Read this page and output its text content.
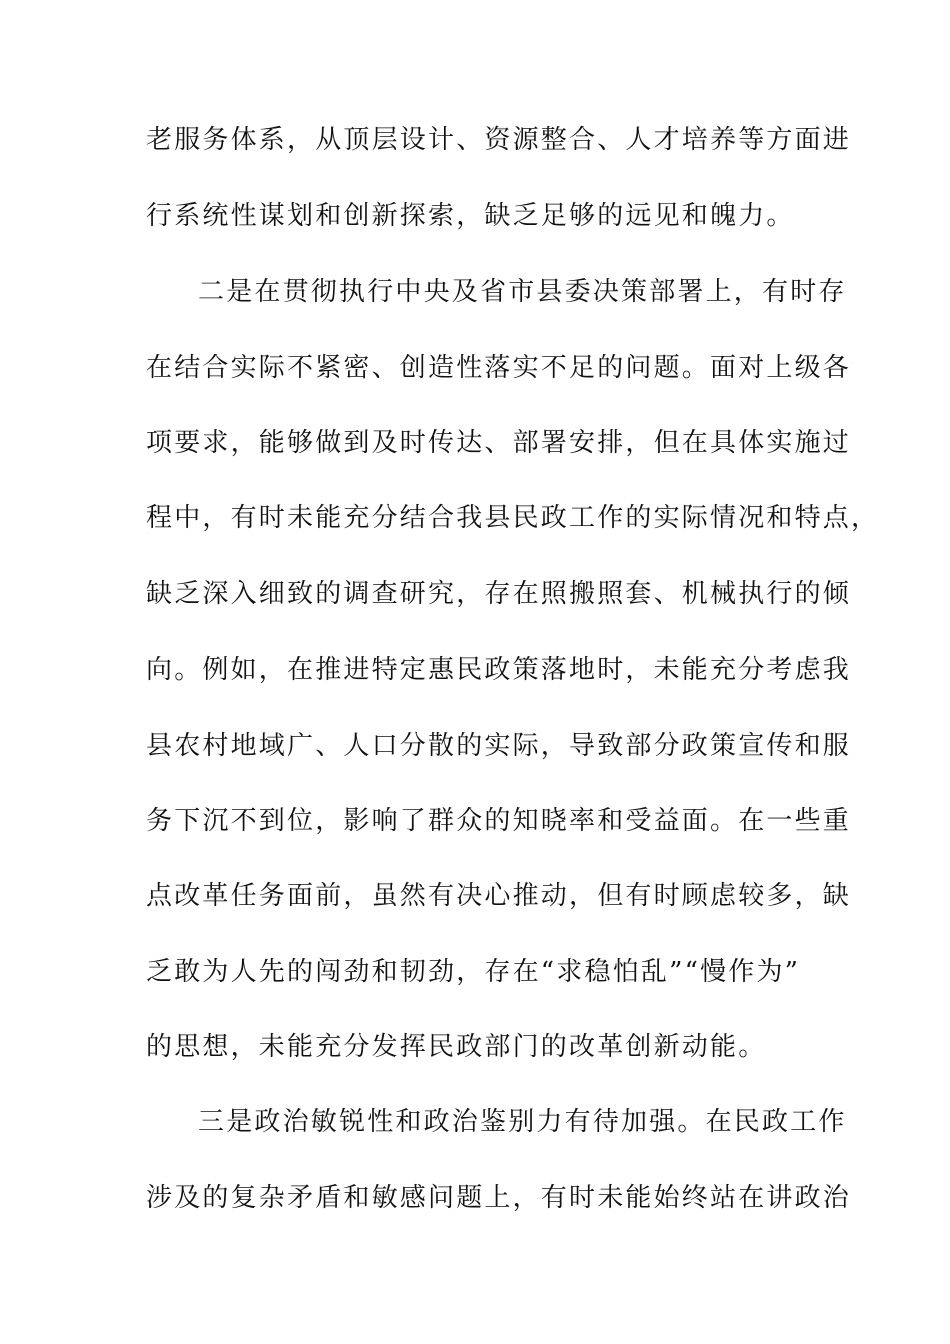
老服务体系，从顶层设计、资源整合、人才培养等方面进
行系统性谋划和创新探索，缺乏足够的远见和魄力。
二是在贯彻执行中央及省市县委决策部署上，有时存
在结合实际不紧密、创造性落实不足的问题。面对上级各
项要求，能够做到及时传达、部署安排，但在具体实施过
程中，有时未能充分结合我县民政工作的实际情况和特点，
缺乏深入细致的调查研究，存在照搬照套、机械执行的倾
向。例如，在推进特定惠民政策落地时，未能充分考虑我
县农村地域广、人口分散的实际，导致部分政策宣传和服
务下沉不到位，影响了群众的知晓率和受益面。在一些重
点改革任务面前，虽然有决心推动，但有时顾虑较多，缺
乏敢为人先的闯劲和韧劲，存在“求稳怕乱”“慢作为”
的思想，未能充分发挥民政部门的改革创新动能。
三是政治敏锐性和政治鉴别力有待加强。在民政工作
涉及的复杂矛盾和敏感问题上，有时未能始终站在讲政治
